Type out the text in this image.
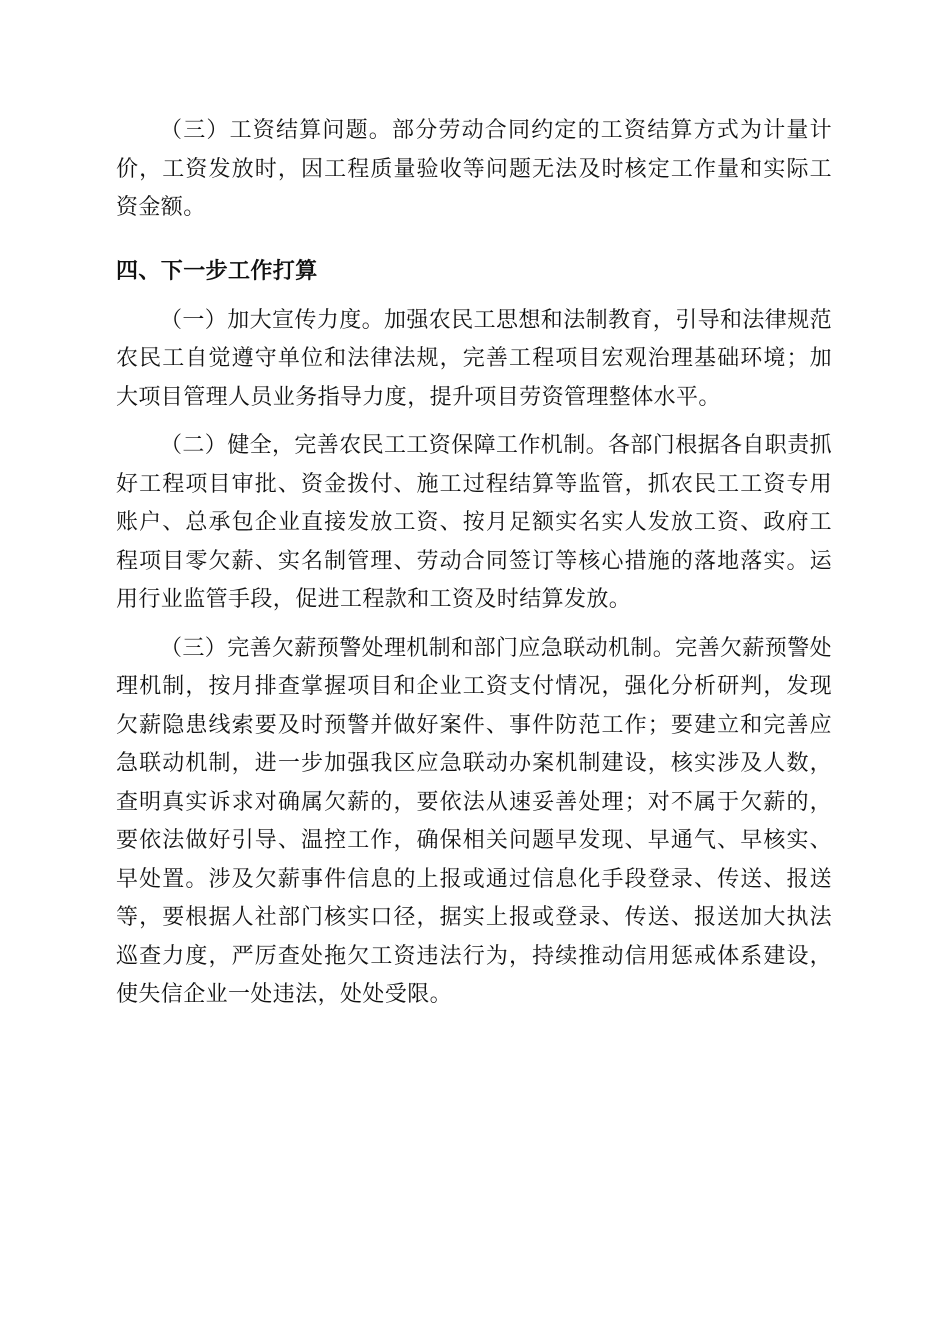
（三）工资结算问题。部分劳动合同约定的工资结算方式为计量计价，工资发放时，因工程质量验收等问题无法及时核定工作量和实际工资金额。

四、下一步工作打算

（一）加大宣传力度。加强农民工思想和法制教育，引导和法律规范农民工自觉遵守单位和法律法规，完善工程项目宏观治理基础环境；加大项目管理人员业务指导力度，提升项目劳资管理整体水平。

（二）健全，完善农民工工资保障工作机制。各部门根据各自职责抓好工程项目审批、资金拨付、施工过程结算等监管，抓农民工工资专用账户、总承包企业直接发放工资、按月足额实名实人发放工资、政府工程项目零欠薪、实名制管理、劳动合同签订等核心措施的落地落实。运用行业监管手段，促进工程款和工资及时结算发放。

（三）完善欠薪预警处理机制和部门应急联动机制。完善欠薪预警处理机制，按月排查掌握项目和企业工资支付情况，强化分析研判，发现欠薪隐患线索要及时预警并做好案件、事件防范工作；要建立和完善应急联动机制，进一步加强我区应急联动办案机制建设，核实涉及人数，查明真实诉求对确属欠薪的，要依法从速妥善处理；对不属于欠薪的，要依法做好引导、温控工作，确保相关问题早发现、早通气、早核实、早处置。涉及欠薪事件信息的上报或通过信息化手段登录、传送、报送等，要根据人社部门核实口径，据实上报或登录、传送、报送加大执法巡查力度，严厉查处拖欠工资违法行为，持续推动信用惩戒体系建设，使失信企业一处违法，处处受限。
